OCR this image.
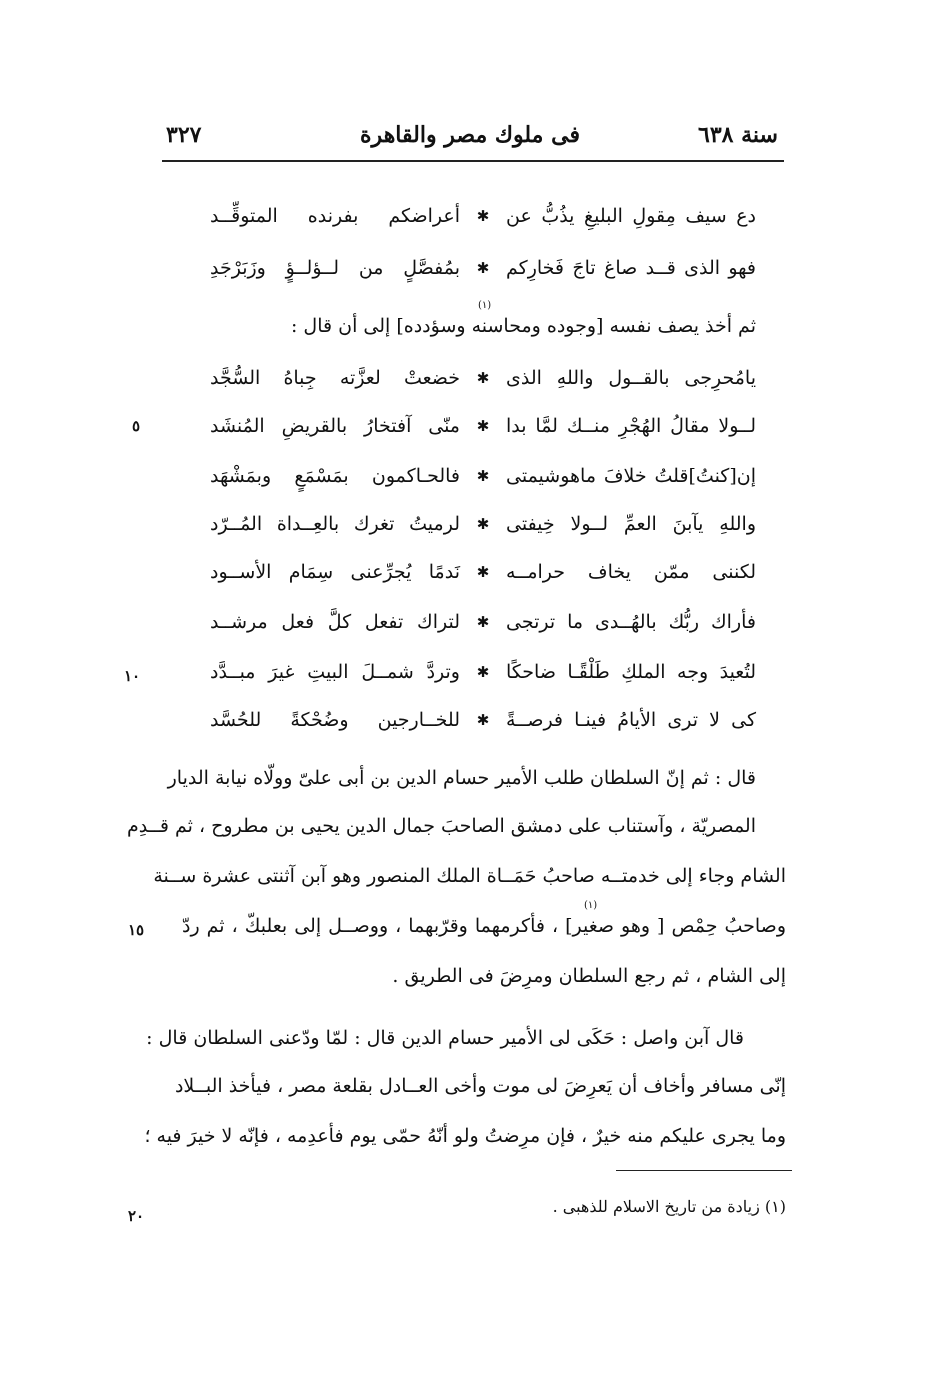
سنة ٦٣٨
فى ملوك مصر والقاهرة
٣٢٧
دع سيف مِقولِ البليغِ يذُبُّ عن
✱
أعراضكم بفرنده المتوقِّــد
فهو الذى قــد صاغ تاجَ فَخارِكم
✱
بمُفصَّلٍ من لــؤلــؤٍ وزَبَرْجَدِ
ثم أخذ يصف نفسه [وجوده ومحاسنه وسؤدده] إلى أن قال :
(١)
يامُحرِجى بالقــول واللهِ الذى
✱
خضعتْ لعزَّته جِباهُ السُّجَّد
لــولا مقالُ الهُجْرِ منــك لمَّا بدا
✱
منّى آفتخارُ بالقريضِ المُنشَد
إن[كنتُ]قلتُ خلافَ ماهوشيمتى
✱
فالحـاكمون بمَسْمَعٍ وبمَشْهَد
واللهِ يآبنَ العمِّ لــولا خِيفتى
✱
لرميتُ تغرك بالعِــداة المُــرّد
لكننى ممّن يخاف حرامــه
✱
نَدمًا يُجرِّعنى سِمَام الأســود
فأراك ربُّك بالهُــدى ما ترتجى
✱
لتراك تفعل كلَّ فعل مرشــد
لتُعيدَ وجه الملكِ طَلْقًـا ضاحكًا
✱
وتردَّ شمــلَ البيتِ غيرَ مبــدَّد
كى لا ترى الأيامُ فينـا فرصــةً
✱
للخــارجين وضُحْكةً للحُسَّد
قال : ثم إنّ السلطان طلب الأمير حسام الدين بن أبى علىّ وولّاه نيابة الديار
المصريّة ، وآستناب على دمشق الصاحبَ جمال الدين يحيى بن مطروح ، ثم قــدِم
الشام وجاء إلى خدمتــه صاحبُ حَمَــاة الملك المنصور وهو آبن آثنتى عشرة ســنة
وصاحبُ حِمْص [ وهو صغير] ، فأكرمهما وقرّبهما ، ووصــل إلى بعلبكّ ، ثم ردّ
(١)
إلى الشام ، ثم رجع السلطان ومرِضَ فى الطريق .
قال آبن واصل : حَكَى لى الأمير حسام الدين قال : لمّا ودّعنى السلطان قال :
إنّى مسافر وأخاف أن يَعرِضَ لى موت وأخى العــادل بقلعة مصر ، فيأخذ البــلاد
وما يجرى عليكم منه خيرٌ ، فإن مرِضتُ ولو أنّهُ حمّى يوم فأعدِمه ، فإنّه لا خيرَ فيه ؛
٥
١٠
١٥
٢٠	(١) زيادة من تاريخ الاسلام للذهبى .
